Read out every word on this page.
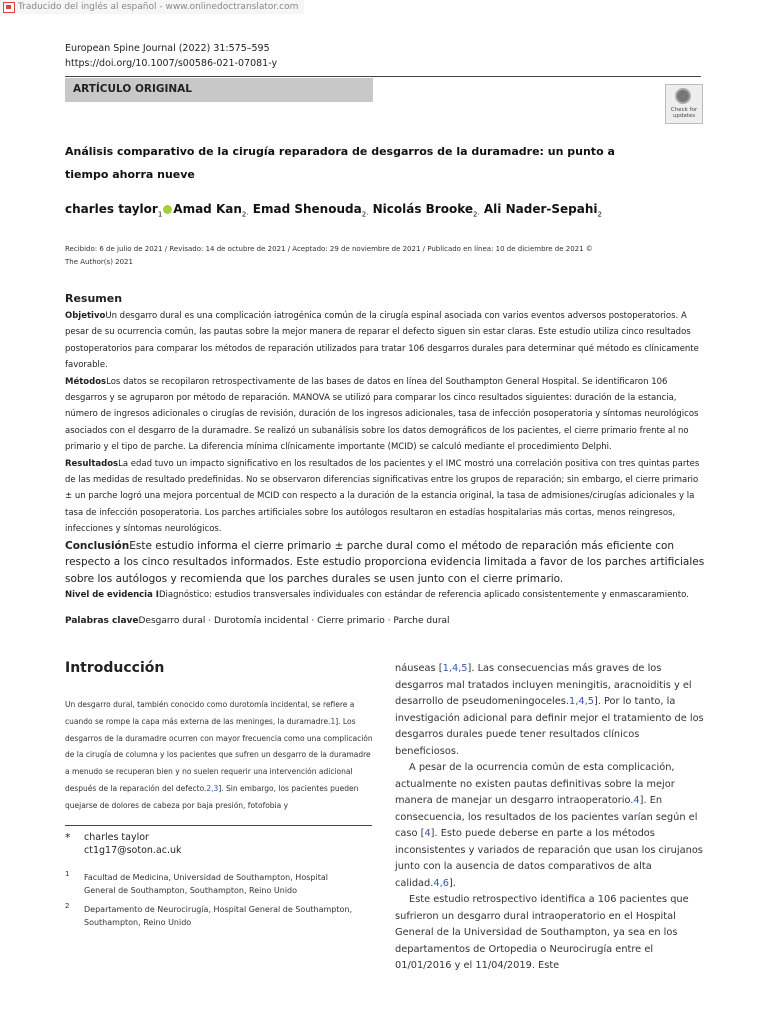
Traducido del inglés al español - www.onlinedoctranslator.com
European Spine Journal (2022) 31:575–595
https://doi.org/10.1007/s00586-021-07081-y
ARTÍCULO ORIGINAL
Check for
updates
Análisis comparativo de la cirugía reparadora de desgarros de la duramadre: un punto a tiempo ahorra nueve
charles taylor$_1$ Amad Kan$_{2\cdot}$ Emad Shenouda$_{2\cdot}$ Nicolás Brooke$_{2\cdot}$ Ali Nader-Sepahi$_2$
Recibido: 6 de julio de 2021 / Revisado: 14 de octubre de 2021 / Aceptado: 29 de noviembre de 2021 / Publicado en línea: 10 de diciembre de 2021 ©
The Author(s) 2021
Resumen
ObjetivoUn desgarro dural es una complicación iatrogénica común de la cirugía espinal asociada con varios eventos adversos postoperatorios. A pesar de su ocurrencia común, las pautas sobre la mejor manera de reparar el defecto siguen sin estar claras. Este estudio utiliza cinco resultados postoperatorios para comparar los métodos de reparación utilizados para tratar 106 desgarros durales para determinar qué método es clínicamente favorable.
MétodosLos datos se recopilaron retrospectivamente de las bases de datos en línea del Southampton General Hospital. Se identificaron 106 desgarros y se agruparon por método de reparación. MANOVA se utilizó para comparar los cinco resultados siguientes: duración de la estancia, número de ingresos adicionales o cirugías de revisión, duración de los ingresos adicionales, tasa de infección posoperatoria y síntomas neurológicos asociados con el desgarro de la duramadre. Se realizó un subanálisis sobre los datos demográficos de los pacientes, el cierre primario frente al no primario y el tipo de parche. La diferencia mínima clínicamente importante (MCID) se calculó mediante el procedimiento Delphi.
ResultadosLa edad tuvo un impacto significativo en los resultados de los pacientes y el IMC mostró una correlación positiva con tres quintas partes de las medidas de resultado predefinidas. No se observaron diferencias significativas entre los grupos de reparación; sin embargo, el cierre primario ± un parche logró una mejora porcentual de MCID con respecto a la duración de la estancia original, la tasa de admisiones/cirugías adicionales y la tasa de infección posoperatoria. Los parches artificiales sobre los autólogos resultaron en estadías hospitalarias más cortas, menos reingresos, infecciones y síntomas neurológicos.
ConclusiónEste estudio informa el cierre primario ± parche dural como el método de reparación más eficiente con respecto a los cinco resultados informados. Este estudio proporciona evidencia limitada a favor de los parches artificiales sobre los autólogos y recomienda que los parches durales se usen junto con el cierre primario.
Nivel de evidencia IDiagnóstico: estudios transversales individuales con estándar de referencia aplicado consistentemente y enmascaramiento.
Palabras claveDesgarro dural · Durotomía incidental · Cierre primario · Parche dural
Introducción
Un desgarro dural, también conocido como durotomía incidental, se refiere a cuando se rompe la capa más externa de las meninges, la duramadre.1]. Los desgarros de la duramadre ocurren con mayor frecuencia como una complicación de la cirugía de columna y los pacientes que sufren un desgarro de la duramadre a menudo se recuperan bien y no suelen requerir una intervención adicional después de la reparación del defecto.2,3]. Sin embargo, los pacientes pueden quejarse de dolores de cabeza por baja presión, fotofobia y
* charles taylor
ct1g17@soton.ac.uk
1 Facultad de Medicina, Universidad de Southampton, Hospital General de Southampton, Southampton, Reino Unido
2 Departamento de Neurocirugía, Hospital General de Southampton, Southampton, Reino Unido

náuseas [1,4,5]. Las consecuencias más graves de los desgarros mal tratados incluyen meningitis, aracnoiditis y el desarrollo de pseudomeningoceles.1,4,5]. Por lo tanto, la investigación adicional para definir mejor el tratamiento de los desgarros durales puede tener resultados clínicos beneficiosos.

A pesar de la ocurrencia común de esta complicación, actualmente no existen pautas definitivas sobre la mejor manera de manejar un desgarro intraoperatorio.4]. En consecuencia, los resultados de los pacientes varían según el caso [4]. Esto puede deberse en parte a los métodos inconsistentes y variados de reparación que usan los cirujanos junto con la ausencia de datos comparativos de alta calidad.4,6].

Este estudio retrospectivo identifica a 106 pacientes que sufrieron un desgarro dural intraoperatorio en el Hospital General de la Universidad de Southampton, ya sea en los departamentos de Ortopedia o Neurocirugía entre el 01/01/2016 y el 11/04/2019. Este
